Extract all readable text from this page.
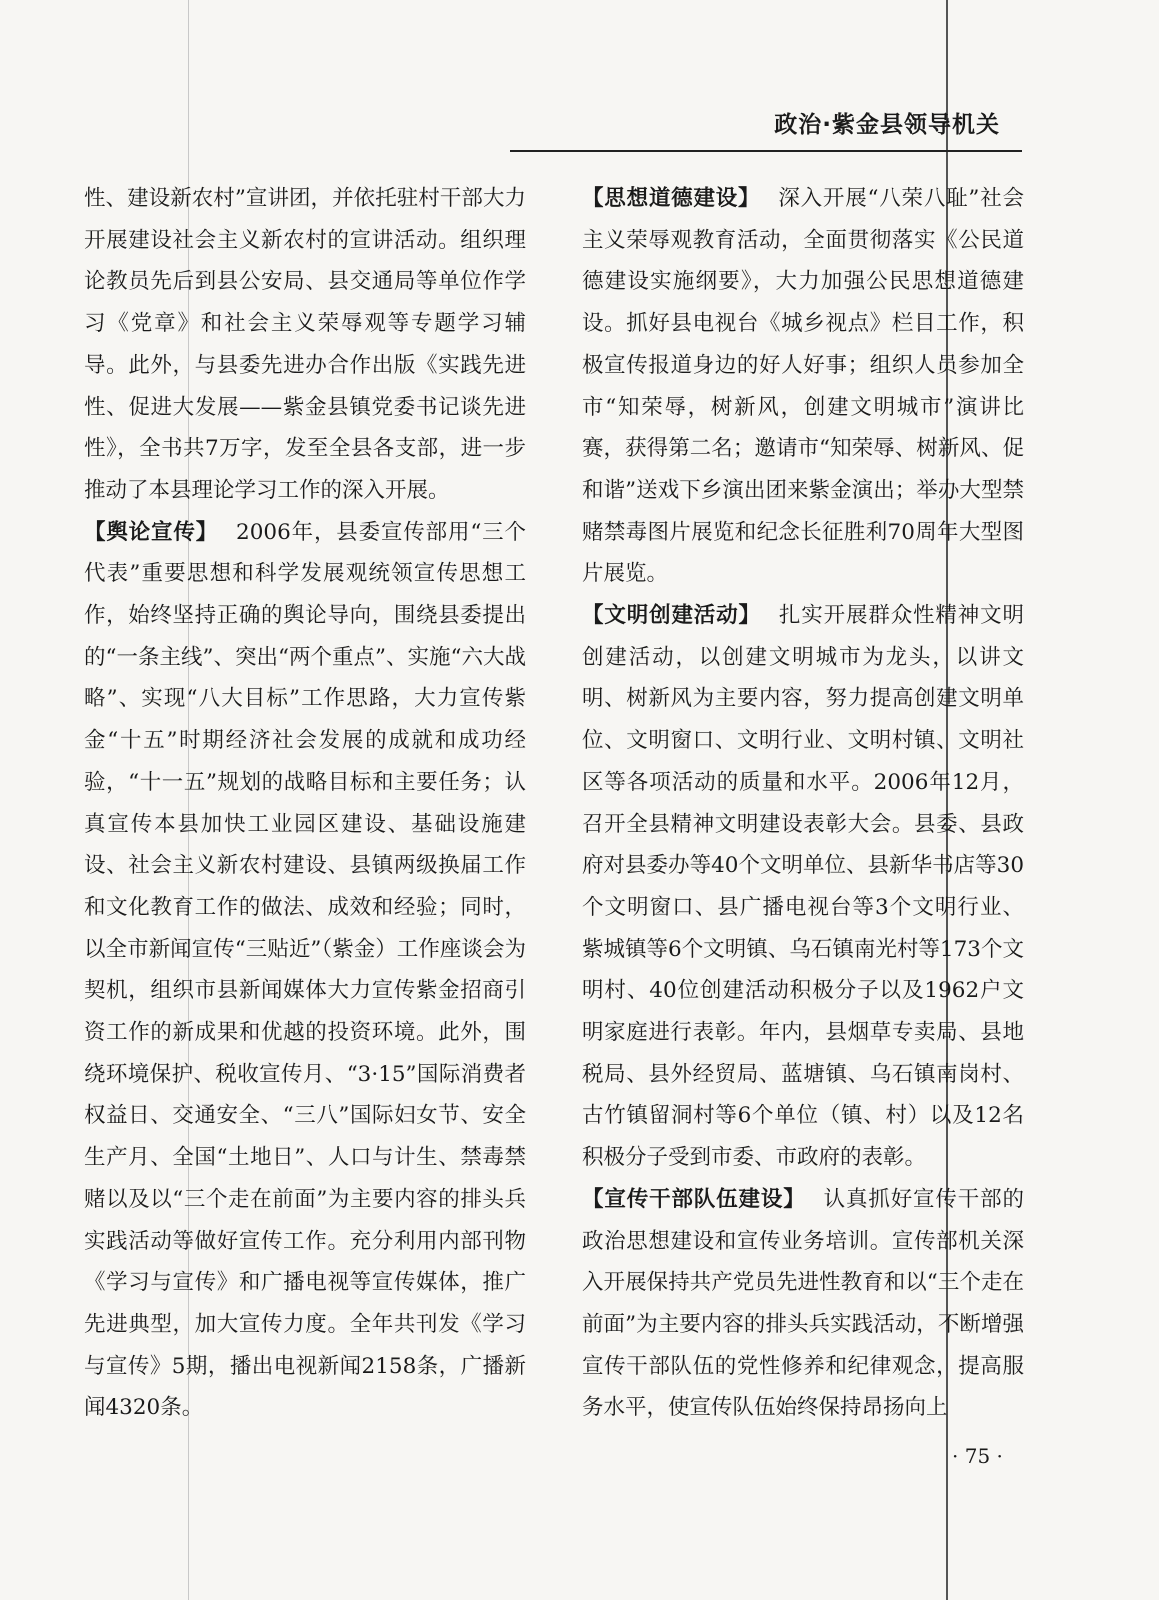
政治·紫金县领导机关

性、建设新农村”宣讲团，并依托驻村干部大力开展建设社会主义新农村的宣讲活动。组织理论教员先后到县公安局、县交通局等单位作学习《党章》和社会主义荣辱观等专题学习辅导。此外，与县委先进办合作出版《实践先进性、促进大发展——紫金县镇党委书记谈先进性》，全书共7万字，发至全县各支部，进一步推动了本县理论学习工作的深入开展。

【舆论宣传】 2006年，县委宣传部用“三个代表”重要思想和科学发展观统领宣传思想工作，始终坚持正确的舆论导向，围绕县委提出的“一条主线”、突出“两个重点”、实施“六大战略”、实现“八大目标”工作思路，大力宣传紫金“十五”时期经济社会发展的成就和成功经验，“十一五”规划的战略目标和主要任务；认真宣传本县加快工业园区建设、基础设施建设、社会主义新农村建设、县镇两级换届工作和文化教育工作的做法、成效和经验；同时，以全市新闻宣传“三贴近”（紫金）工作座谈会为契机，组织市县新闻媒体大力宣传紫金招商引资工作的新成果和优越的投资环境。此外，围绕环境保护、税收宣传月、“3·15”国际消费者权益日、交通安全、“三八”国际妇女节、安全生产月、全国“土地日”、人口与计生、禁毒禁赌以及以“三个走在前面”为主要内容的排头兵实践活动等做好宣传工作。充分利用内部刊物《学习与宣传》和广播电视等宣传媒体，推广先进典型，加大宣传力度。全年共刊发《学习与宣传》5期，播出电视新闻2158条，广播新闻4320条。

【思想道德建设】 深入开展“八荣八耻”社会主义荣辱观教育活动，全面贯彻落实《公民道德建设实施纲要》，大力加强公民思想道德建设。抓好县电视台《城乡视点》栏目工作，积极宣传报道身边的好人好事；组织人员参加全市“知荣辱，树新风，创建文明城市”演讲比赛，获得第二名；邀请市“知荣辱、树新风、促和谐”送戏下乡演出团来紫金演出；举办大型禁赌禁毒图片展览和纪念长征胜利70周年大型图片展览。

【文明创建活动】 扎实开展群众性精神文明创建活动，以创建文明城市为龙头，以讲文明、树新风为主要内容，努力提高创建文明单位、文明窗口、文明行业、文明村镇、文明社区等各项活动的质量和水平。2006年12月，召开全县精神文明建设表彰大会。县委、县政府对县委办等40个文明单位、县新华书店等30个文明窗口、县广播电视台等3个文明行业、紫城镇等6个文明镇、乌石镇南光村等173个文明村、40位创建活动积极分子以及1962户文明家庭进行表彰。年内，县烟草专卖局、县地税局、县外经贸局、蓝塘镇、乌石镇南岗村、古竹镇留洞村等6个单位（镇、村）以及12名积极分子受到市委、市政府的表彰。

【宣传干部队伍建设】 认真抓好宣传干部的政治思想建设和宣传业务培训。宣传部机关深入开展保持共产党员先进性教育和以“三个走在前面”为主要内容的排头兵实践活动，不断增强宣传干部队伍的党性修养和纪律观念，提高服务水平，使宣传队伍始终保持昂扬向上

· 75 ·
